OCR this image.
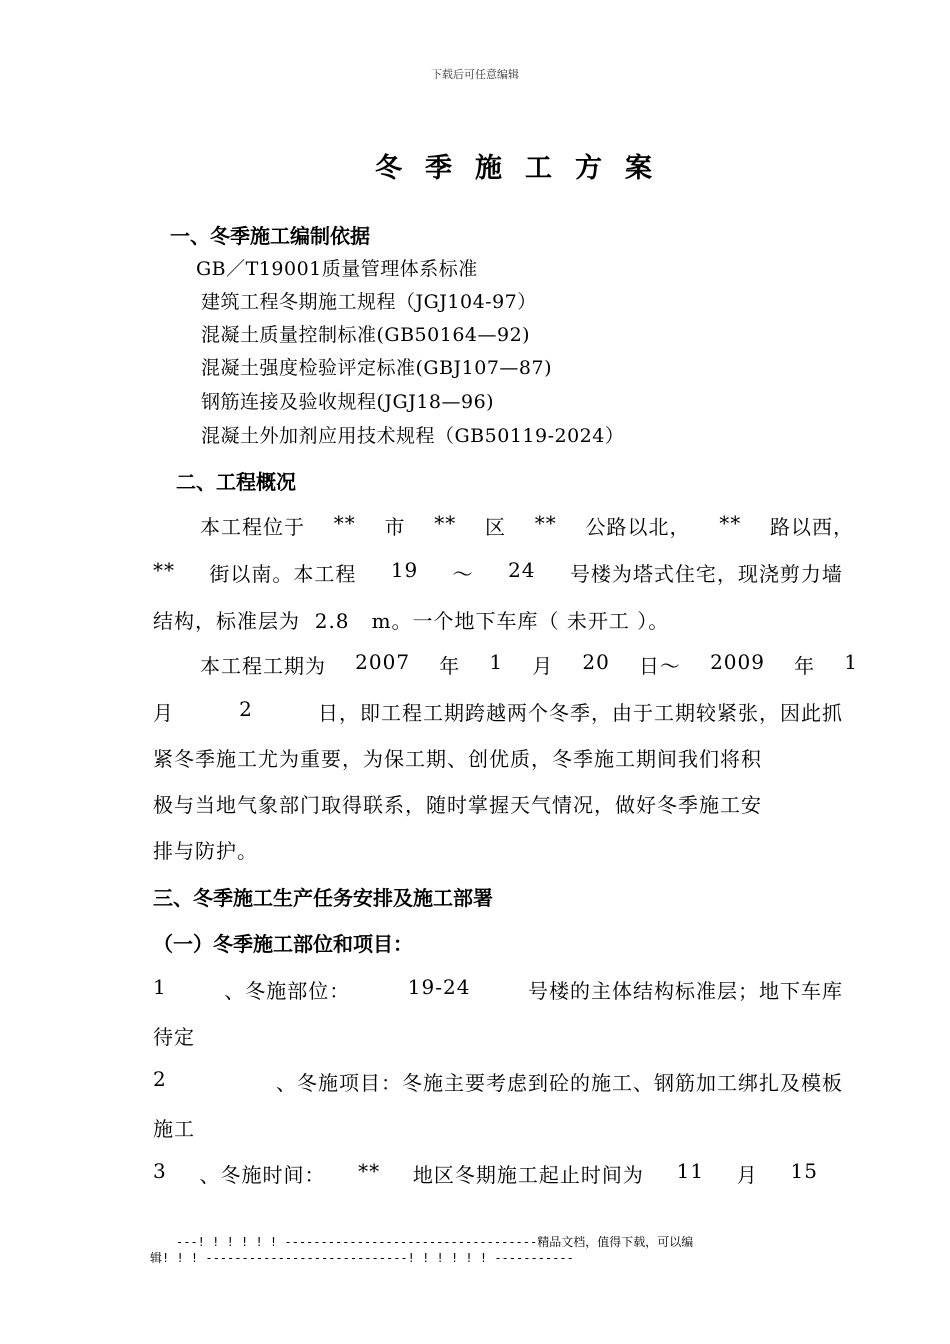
下载后可任意编辑
冬季施工方案
一、冬季施工编制依据
GB／T19001质量管理体系标准
建筑工程冬期施工规程（JGJ104-97）
混凝土质量控制标准(GB50164—92)
混凝土强度检验评定标准(GBJ107—87)
钢筋连接及验收规程(JGJ18—96)
混凝土外加剂应用技术规程（GB50119-2024）
二、工程概况
本工程位于 ** 市 ** 区 ** 公路以北， ** 路以西，
** 街以南。本工程 19 ～ 24 号楼为塔式住宅，现浇剪力墙
结构，标准层为  2.8   m。一个地下车库（ 未开工 ）。
本工程工期为 2007 年 1 月 20 日～ 2009 年 1
月	2	日，即工程工期跨越两个冬季，由于工期较紧张，因此抓
紧冬季施工尤为重要，为保工期、创优质，冬季施工期间我们将积
极与当地气象部门取得联系，随时掌握天气情况，做好冬季施工安
排与防护。
三、冬季施工生产任务安排及施工部署
（一）冬季施工部位和项目：
1	、冬施部位：	19-24	号楼的主体结构标准层；地下车库
待定
2	、冬施项目：冬施主要考虑到砼的施工、钢筋加工绑扎及模板
施工
3 、冬施时间： ** 地区冬期施工起止时间为 11 月 15
---! ! ! ! ! ! -----------------------------------精品文档，值得下载，可以编
辑! ! ! ----------------------------! ! ! ! ! ! -----------
